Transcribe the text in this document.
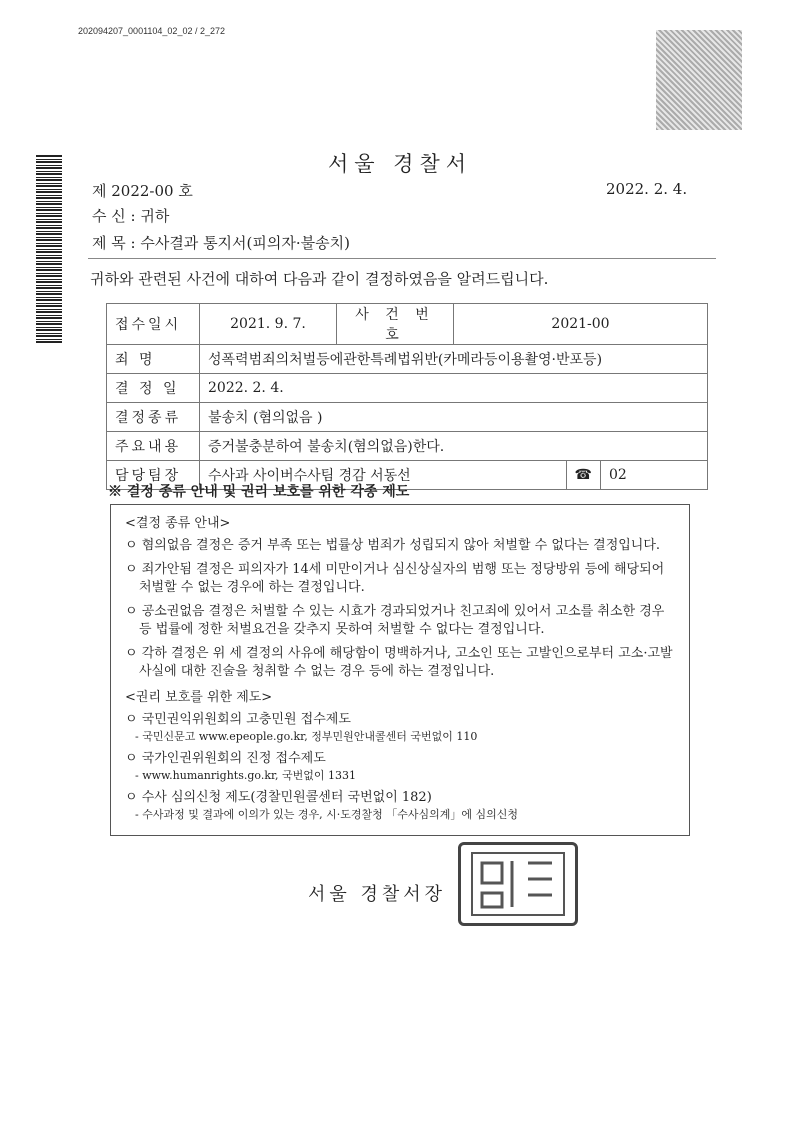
202094207_0001104_02_02 / 2_272
서울 경찰서
제 2022-00 호	2022. 2. 4.
수 신 : 귀하
제 목 : 수사결과 통지서(피의자·불송치)
귀하와 관련된 사건에 대하여 다음과 같이 결정하였음을 알려드립니다.
접수일시	2021. 9. 7.	사 건 번 호	2021-00		
죄 명	성폭력범죄의처벌등에관한특례법위반(카메라등이용촬영·반포등)				
결 정 일	2022. 2. 4.				
결정종류	불송치 (혐의없음 )				
주요내용	증거불충분하여 불송치(혐의없음)한다.				
담당팀장	수사과 사이버수사팀 경감 서동선			☎	02
※ 결정 종류 안내 및 권리 보호를 위한 각종 제도
<결정 종류 안내>
ㅇ 혐의없음 결정은 증거 부족 또는 법률상 범죄가 성립되지 않아 처벌할 수 없다는 결정입니다.
ㅇ 죄가안됨 결정은 피의자가 14세 미만이거나 심신상실자의 범행 또는 정당방위 등에 해당되어 처벌할 수 없는 경우에 하는 결정입니다.
ㅇ 공소권없음 결정은 처벌할 수 있는 시효가 경과되었거나 친고죄에 있어서 고소를 취소한 경우 등 법률에 정한 처벌요건을 갖추지 못하여 처벌할 수 없다는 결정입니다.
ㅇ 각하 결정은 위 세 결정의 사유에 해당함이 명백하거나, 고소인 또는 고발인으로부터 고소·고발 사실에 대한 진술을 청취할 수 없는 경우 등에 하는 결정입니다.
<권리 보호를 위한 제도>
ㅇ 국민권익위원회의 고충민원 접수제도
- 국민신문고 www.epeople.go.kr, 정부민원안내콜센터 국번없이 110
ㅇ 국가인권위원회의 진정 접수제도
- www.humanrights.go.kr, 국번없이 1331
ㅇ 수사 심의신청 제도(경찰민원콜센터 국번없이 182)
- 수사과정 및 결과에 이의가 있는 경우, 시·도경찰청 「수사심의계」에 심의신청
서울 경찰서장
